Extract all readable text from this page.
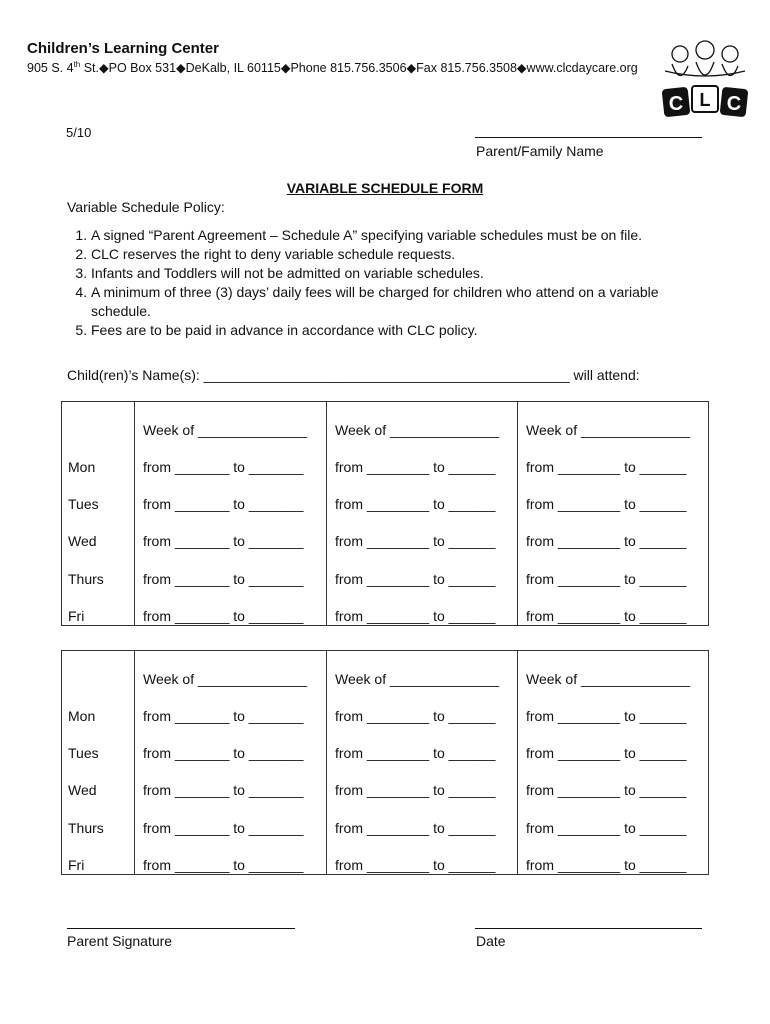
Children’s Learning Center
905 S. 4th St.◆PO Box 531◆DeKalb, IL 60115◆Phone 815.756.3506◆Fax 815.756.3508◆www.clcdaycare.org
C L C
5/10
Parent/Family Name
VARIABLE SCHEDULE FORM
Variable Schedule Policy:
1. A signed “Parent Agreement – Schedule A” specifying variable schedules must be on file.
2. CLC reserves the right to deny variable schedule requests.
3. Infants and Toddlers will not be admitted on variable schedules.
4. A minimum of three (3) days’ daily fees will be charged for children who attend on a variable schedule.
5. Fees are to be paid in advance in accordance with CLC policy.
Child(ren)’s Name(s): _______________________________________________ will attend:
Parent Signature	Date
Week of ______________ Week of ______________ Week of ______________
Mon	from _______ to _______ from ________ to ______ from ________ to ______
Tues	from _______ to _______ from ________ to ______ from ________ to ______
Wed	from _______ to _______ from ________ to ______ from ________ to ______
Thurs	from _______ to _______ from ________ to ______ from ________ to ______
Fri	from _______ to _______ from ________ to ______ from ________ to ______
Week of ______________ Week of ______________ Week of ______________
Mon	from _______ to _______ from ________ to ______ from ________ to ______
Tues	from _______ to _______ from ________ to ______ from ________ to ______
Wed	from _______ to _______ from ________ to ______ from ________ to ______
Thurs	from _______ to _______ from ________ to ______ from ________ to ______
Fri	from _______ to _______ from ________ to ______ from ________ to ______
